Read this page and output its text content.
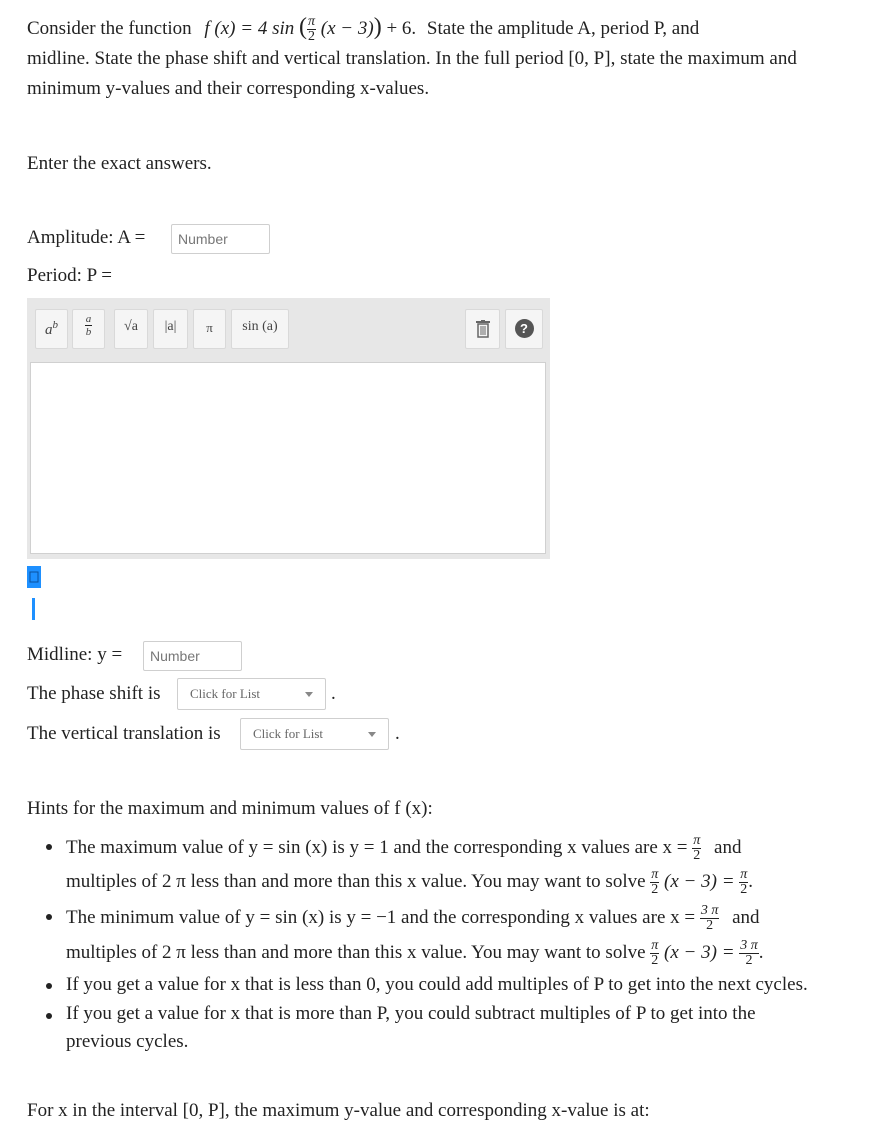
Consider the function f (x) = 4 sin ( $\frac{\pi}{2} (x - 3)) + 6$. State the amplitude A, period P, and
midline. State the phase shift and vertical translation. In the full period [0, P], state the maximum and
minimum y-values and their corresponding x-values.
Enter the exact answers.
Amplitude: A =	Number
Period: P =
$a^b$	$\frac{a}{b}$	√a	|a|	π	sin (a)	?
Midline: y =	Number
The phase shift is	Click for List	.
The vertical translation is	Click for List	.
Hints for the maximum and minimum values of f (x):
The maximum value of y = sin (x) is y = 1 and the corresponding x values are $x = \frac{\pi}{2}$ and
multiples of 2 π less than and more than this x value. You may want to solve $\frac{\pi}{2} (x - 3) = \frac{\pi}{2}$ .
The minimum value of y = sin (x) is y = −1 and the corresponding x values are $x = \frac{3 \pi}{2}$ and
multiples of 2 π less than and more than this x value. You may want to solve $\frac{\pi}{2} (x - 3) = \frac{3 \pi}{2}$ .
If you get a value for x that is less than 0, you could add multiples of P to get into the next cycles.
If you get a value for x that is more than P, you could subtract multiples of P to get into the
previous cycles.
For x in the interval [0, P], the maximum y-value and corresponding x-value is at:
